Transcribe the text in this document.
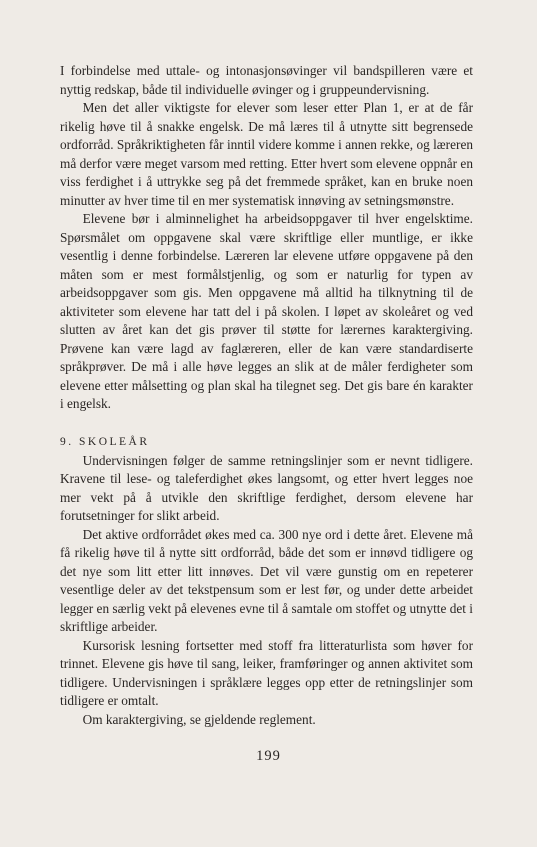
I forbindelse med uttale- og intonasjonsøvinger vil bandspilleren være et nyttig redskap, både til individuelle øvinger og i gruppeundervisning.

Men det aller viktigste for elever som leser etter Plan 1, er at de får rikelig høve til å snakke engelsk. De må læres til å utnytte sitt begrensede ordforråd. Språkriktigheten får inntil videre komme i annen rekke, og læreren må derfor være meget varsom med retting. Etter hvert som elevene oppnår en viss ferdighet i å uttrykke seg på det fremmede språket, kan en bruke noen minutter av hver time til en mer systematisk innøving av setningsmønstre.

Elevene bør i alminnelighet ha arbeidsoppgaver til hver engelsktime. Spørsmålet om oppgavene skal være skriftlige eller muntlige, er ikke vesentlig i denne forbindelse. Læreren lar elevene utføre oppgavene på den måten som er mest formålstjenlig, og som er naturlig for typen av arbeidsoppgaver som gis. Men oppgavene må alltid ha tilknytning til de aktiviteter som elevene har tatt del i på skolen. I løpet av skoleåret og ved slutten av året kan det gis prøver til støtte for lærernes karaktergiving. Prøvene kan være lagd av faglæreren, eller de kan være standardiserte språkprøver. De må i alle høve legges an slik at de måler ferdigheter som elevene etter målsetting og plan skal ha tilegnet seg. Det gis bare én karakter i engelsk.

9. SKOLEÅR

Undervisningen følger de samme retningslinjer som er nevnt tidligere. Kravene til lese- og taleferdighet økes langsomt, og etter hvert legges noe mer vekt på å utvikle den skriftlige ferdighet, dersom elevene har forutsetninger for slikt arbeid.

Det aktive ordforrådet økes med ca. 300 nye ord i dette året. Elevene må få rikelig høve til å nytte sitt ordforråd, både det som er innøvd tidligere og det nye som litt etter litt innøves. Det vil være gunstig om en repeterer vesentlige deler av det tekstpensum som er lest før, og under dette arbeidet legger en særlig vekt på elevenes evne til å samtale om stoffet og utnytte det i skriftlige arbeider.

Kursorisk lesning fortsetter med stoff fra litteraturlista som høver for trinnet. Elevene gis høve til sang, leiker, framføringer og annen aktivitet som tidligere. Undervisningen i språklære legges opp etter de retningslinjer som tidligere er omtalt.

Om karaktergiving, se gjeldende reglement.

199
